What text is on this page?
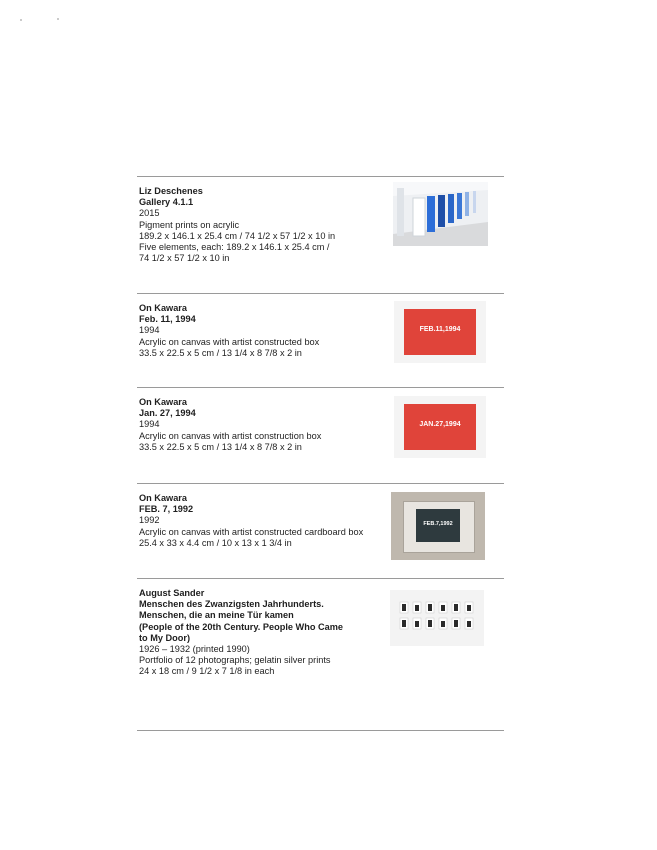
Liz Deschenes
Gallery 4.1.1
2015
Pigment prints on acrylic
189.2 x 146.1 x 25.4 cm / 74 1/2 x 57 1/2 x 10 in
Five elements, each: 189.2 x 146.1 x 25.4 cm /
74 1/2 x 57 1/2 x 10 in
On Kawara
Feb. 11, 1994
1994
Acrylic on canvas with artist constructed box
33.5 x 22.5 x 5 cm / 13 1/4 x 8 7/8 x 2 in
FEB.11,1994
On Kawara
Jan. 27, 1994
1994
Acrylic on canvas with artist construction box
33.5 x 22.5 x 5 cm / 13 1/4 x 8 7/8 x 2 in
JAN.27,1994
On Kawara
FEB. 7, 1992
1992
Acrylic on canvas with artist constructed cardboard box
25.4 x 33 x 4.4 cm / 10 x 13 x 1 3/4 in
FEB.7,1992
August Sander
Menschen des Zwanzigsten Jahrhunderts.
Menschen, die an meine Tür kamen
(People of the 20th Century. People Who Came
to My Door)
1926 – 1932 (printed 1990)
Portfolio of 12 photographs; gelatin silver prints
24 x 18 cm / 9 1/2 x 7 1/8 in each
